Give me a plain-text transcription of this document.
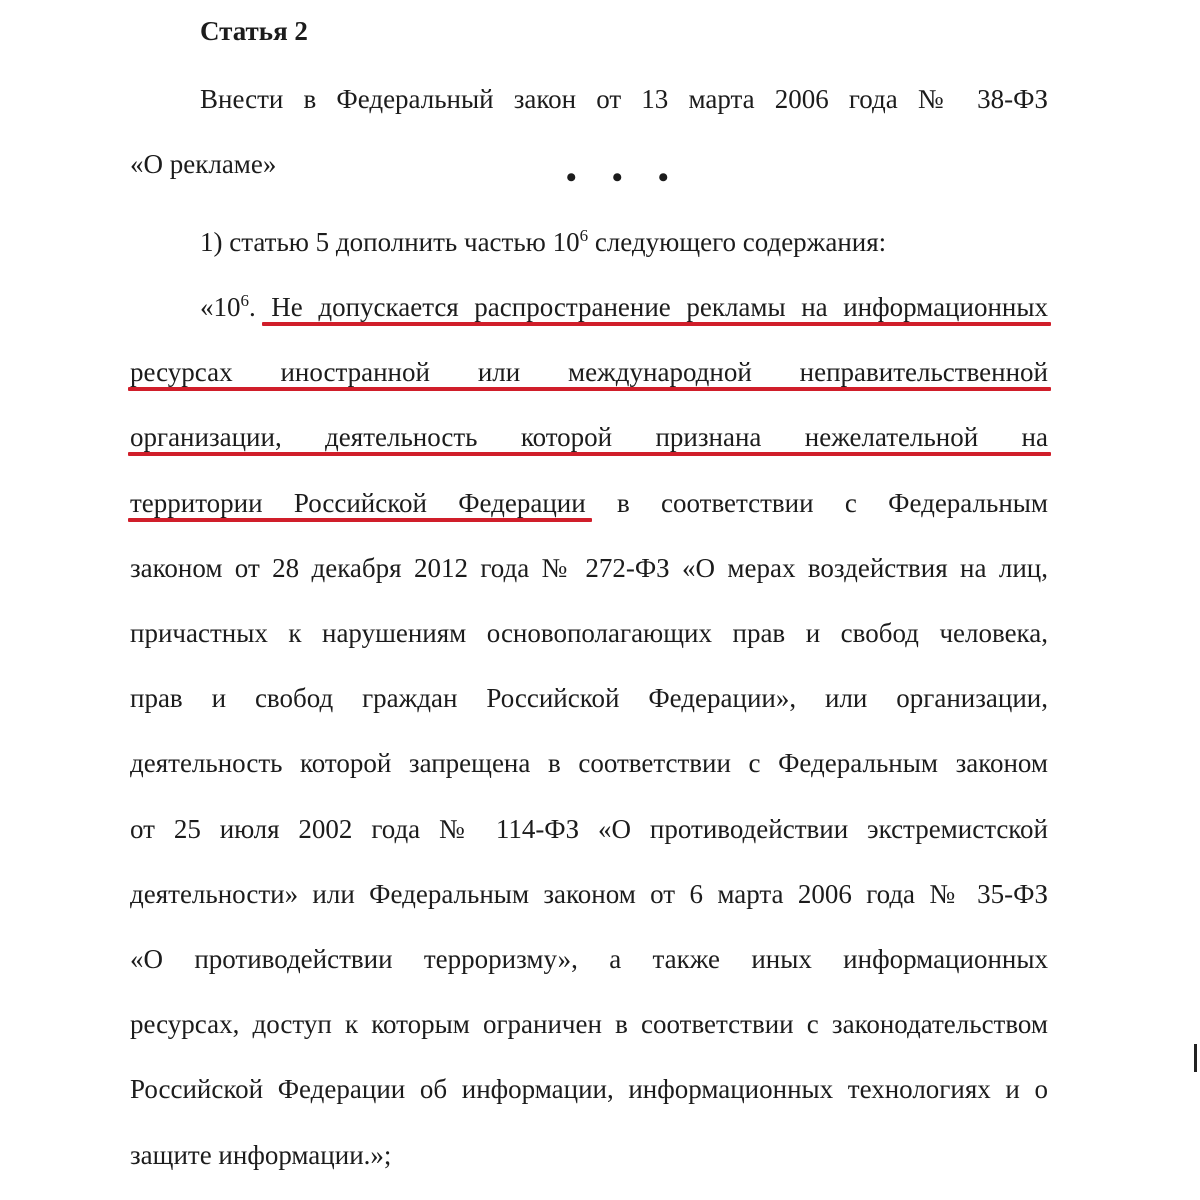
Статья 2
Внести в Федеральный закон от 13 марта 2006 года № 38-ФЗ
«О рекламе»	• • •
1) статью 5 дополнить частью $10^6$ следующего содержания:
«$10^6$. Не допускается распространение рекламы на информационных
ресурсах иностранной или международной неправительственной
организации, деятельность которой признана нежелательной на
территории Российской Федерации в соответствии с Федеральным
законом от 28 декабря 2012 года № 272-ФЗ «О мерах воздействия на лиц,
причастных к нарушениям основополагающих прав и свобод человека,
прав и свобод граждан Российской Федерации», или организации,
деятельность которой запрещена в соответствии с Федеральным законом
от 25 июля 2002 года № 114-ФЗ «О противодействии экстремистской
деятельности» или Федеральным законом от 6 марта 2006 года № 35-ФЗ
«О противодействии терроризму», а также иных информационных
ресурсах, доступ к которым ограничен в соответствии с законодательством
Российской Федерации об информации, информационных технологиях и о
защите информации.»;
